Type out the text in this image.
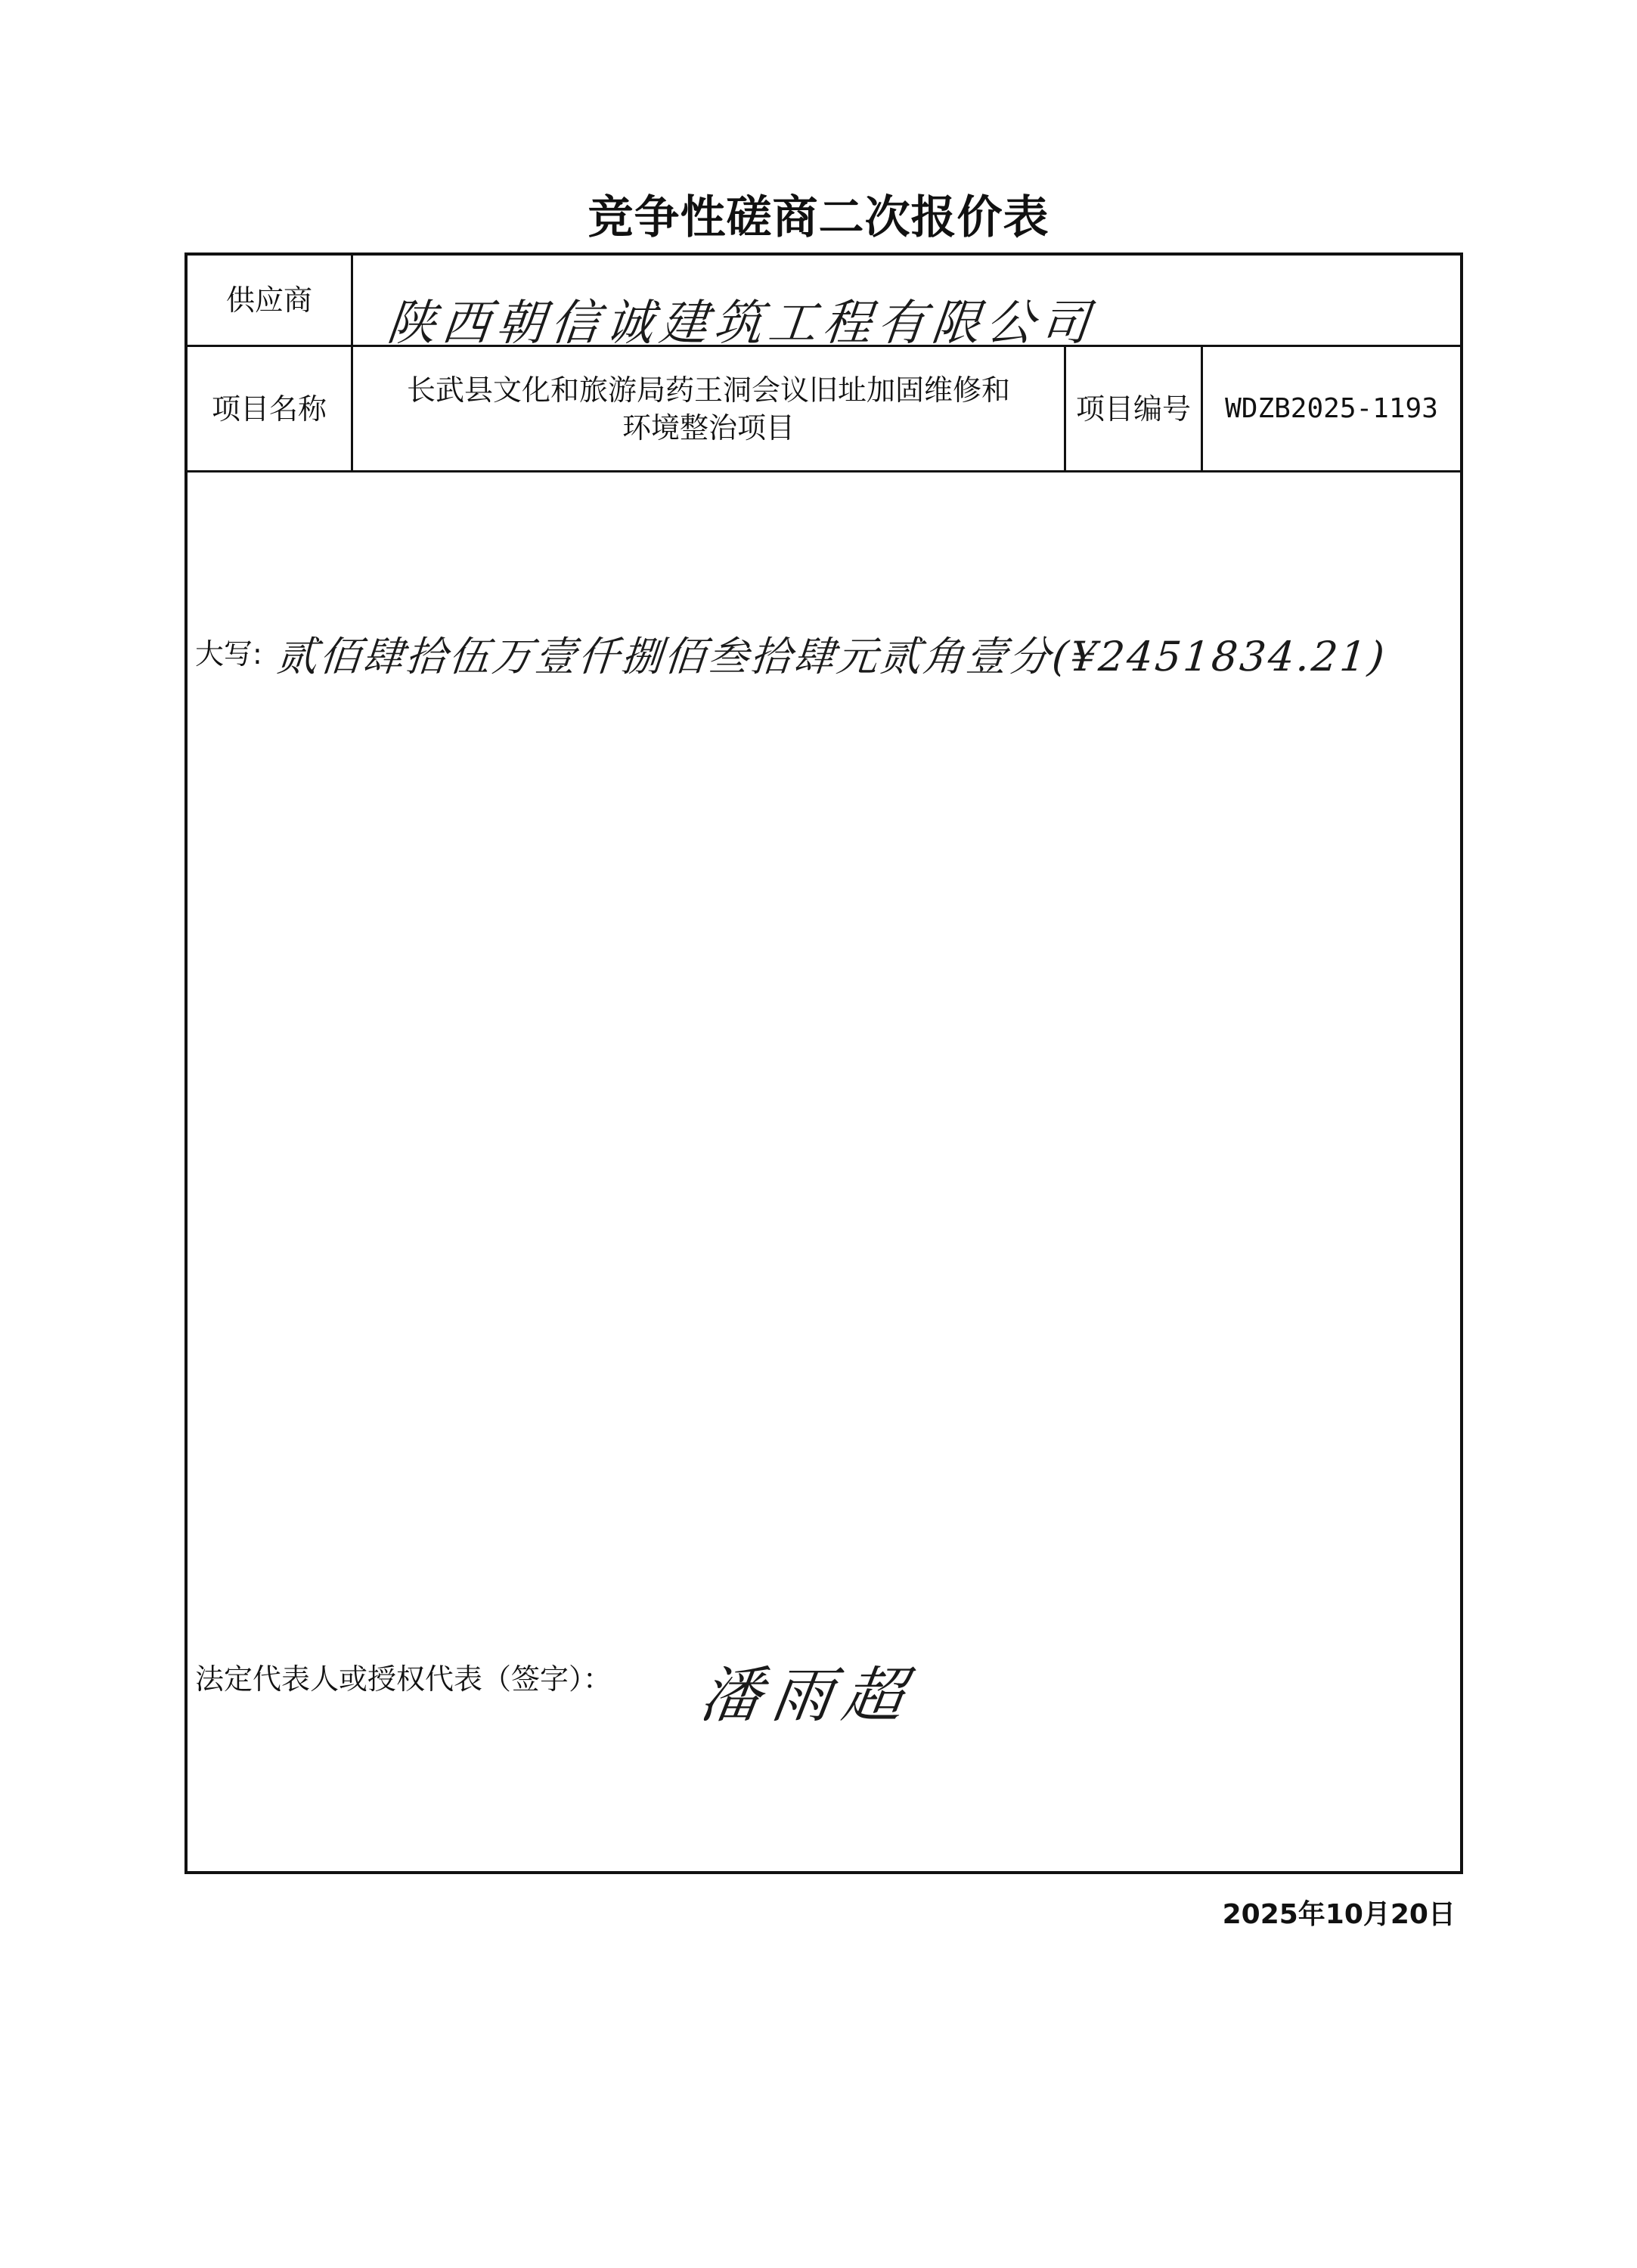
竞争性磋商二次报价表
供应商	陕西朝信诚建筑工程有限公司
项目名称
长武县文化和旅游局药王洞会议旧址加固维修和
环境整治项目
项目编号	WDZB2025-1193
大写: 贰佰肆拾伍万壹仟捌佰叁拾肆元贰角壹分(¥2451834.21)
法定代表人或授权代表（签字）： 潘雨超
2025年10月20日
